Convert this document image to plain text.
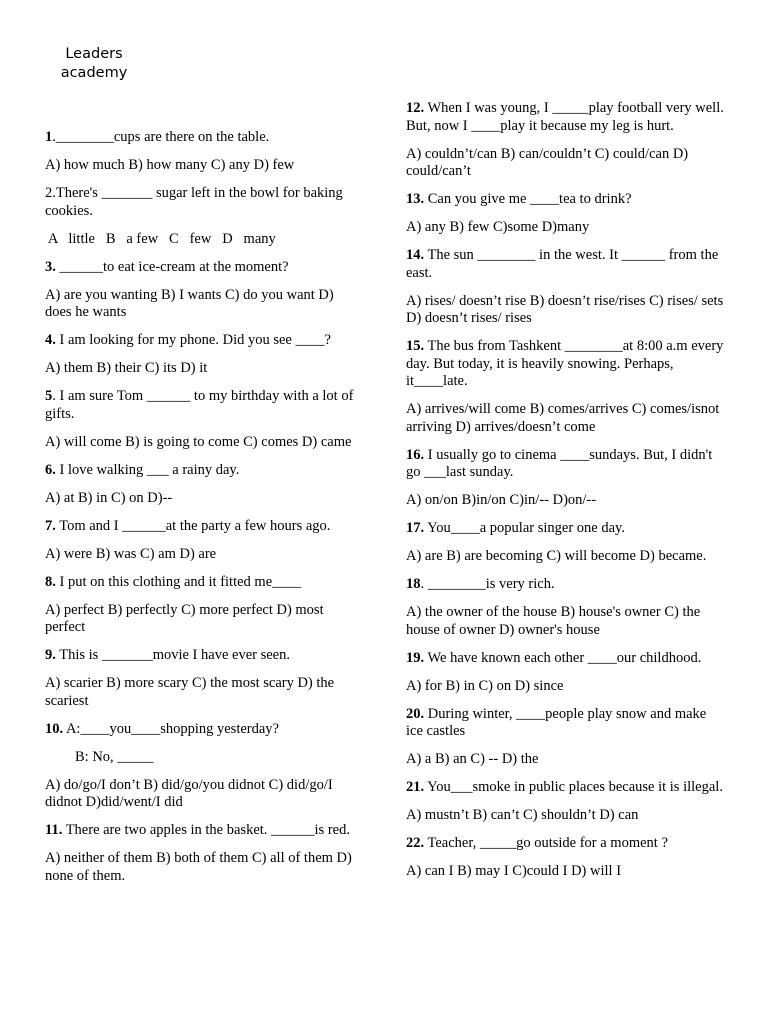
Leaders
academy

1.________cups are there on the table.

A) how much B) how many C) any D) few

2.There's _______ sugar left in the bowl for baking cookies.

A   little   B   a few   C   few   D   many

3. ______to eat ice-cream at the moment?

A) are you wanting B) I wants C) do you want D) does he wants

4. I am looking for my phone. Did you see ____?

A) them B) their C) its D) it

5. I am sure Tom ______ to my birthday with a lot of gifts.

A) will come B) is going to come C) comes D) came

6. I love walking ___ a rainy day.

A) at B) in C) on D)--

7. Tom and I ______at the party a few hours ago.

A) were B) was C) am D) are

8. I put on this clothing and it fitted me____

A) perfect B) perfectly C) more perfect D) most perfect

9. This is _______movie I have ever seen.

A) scarier B) more scary C) the most scary D) the scariest

10. A:____you____shopping yesterday?

B: No, _____

A) do/go/I don’t B) did/go/you didnot C) did/go/I didnot D)did/went/I did

11. There are two apples in the basket. ______is red.

A) neither of them B) both of them C) all of them D) none of them.

12. When I was young, I _____play football very well. But, now I ____play it because my leg is hurt.

A) couldn’t/can B) can/couldn’t C) could/can D) could/can’t

13. Can you give me ____tea to drink?

A) any B) few C)some D)many

14. The sun ________ in the west. It ______ from the east.

A) rises/ doesn’t rise B) doesn’t rise/rises C) rises/ sets D) doesn’t rises/ rises

15. The bus from Tashkent ________at 8:00 a.m every day. But today, it is heavily snowing. Perhaps, it____late.

A) arrives/will come B) comes/arrives C) comes/isnot arriving D) arrives/doesn’t come

16. I usually go to cinema ____sundays. But, I didn't go ___last sunday.

A) on/on B)in/on C)in/-- D)on/--

17. You____a popular singer one day.

A) are B) are becoming C) will become D) became.

18. ________is very rich.

A) the owner of the house B) house's owner C) the house of owner D) owner's house

19. We have known each other ____our childhood.

A) for B) in C) on D) since

20. During winter, ____people play snow and make ice castles

A) a B) an C) -- D) the

21. You___smoke in public places because it is illegal.

A) mustn’t B) can’t C) shouldn’t D) can

22. Teacher, _____go outside for a moment ?

A) can I B) may I C)could I D) will I
